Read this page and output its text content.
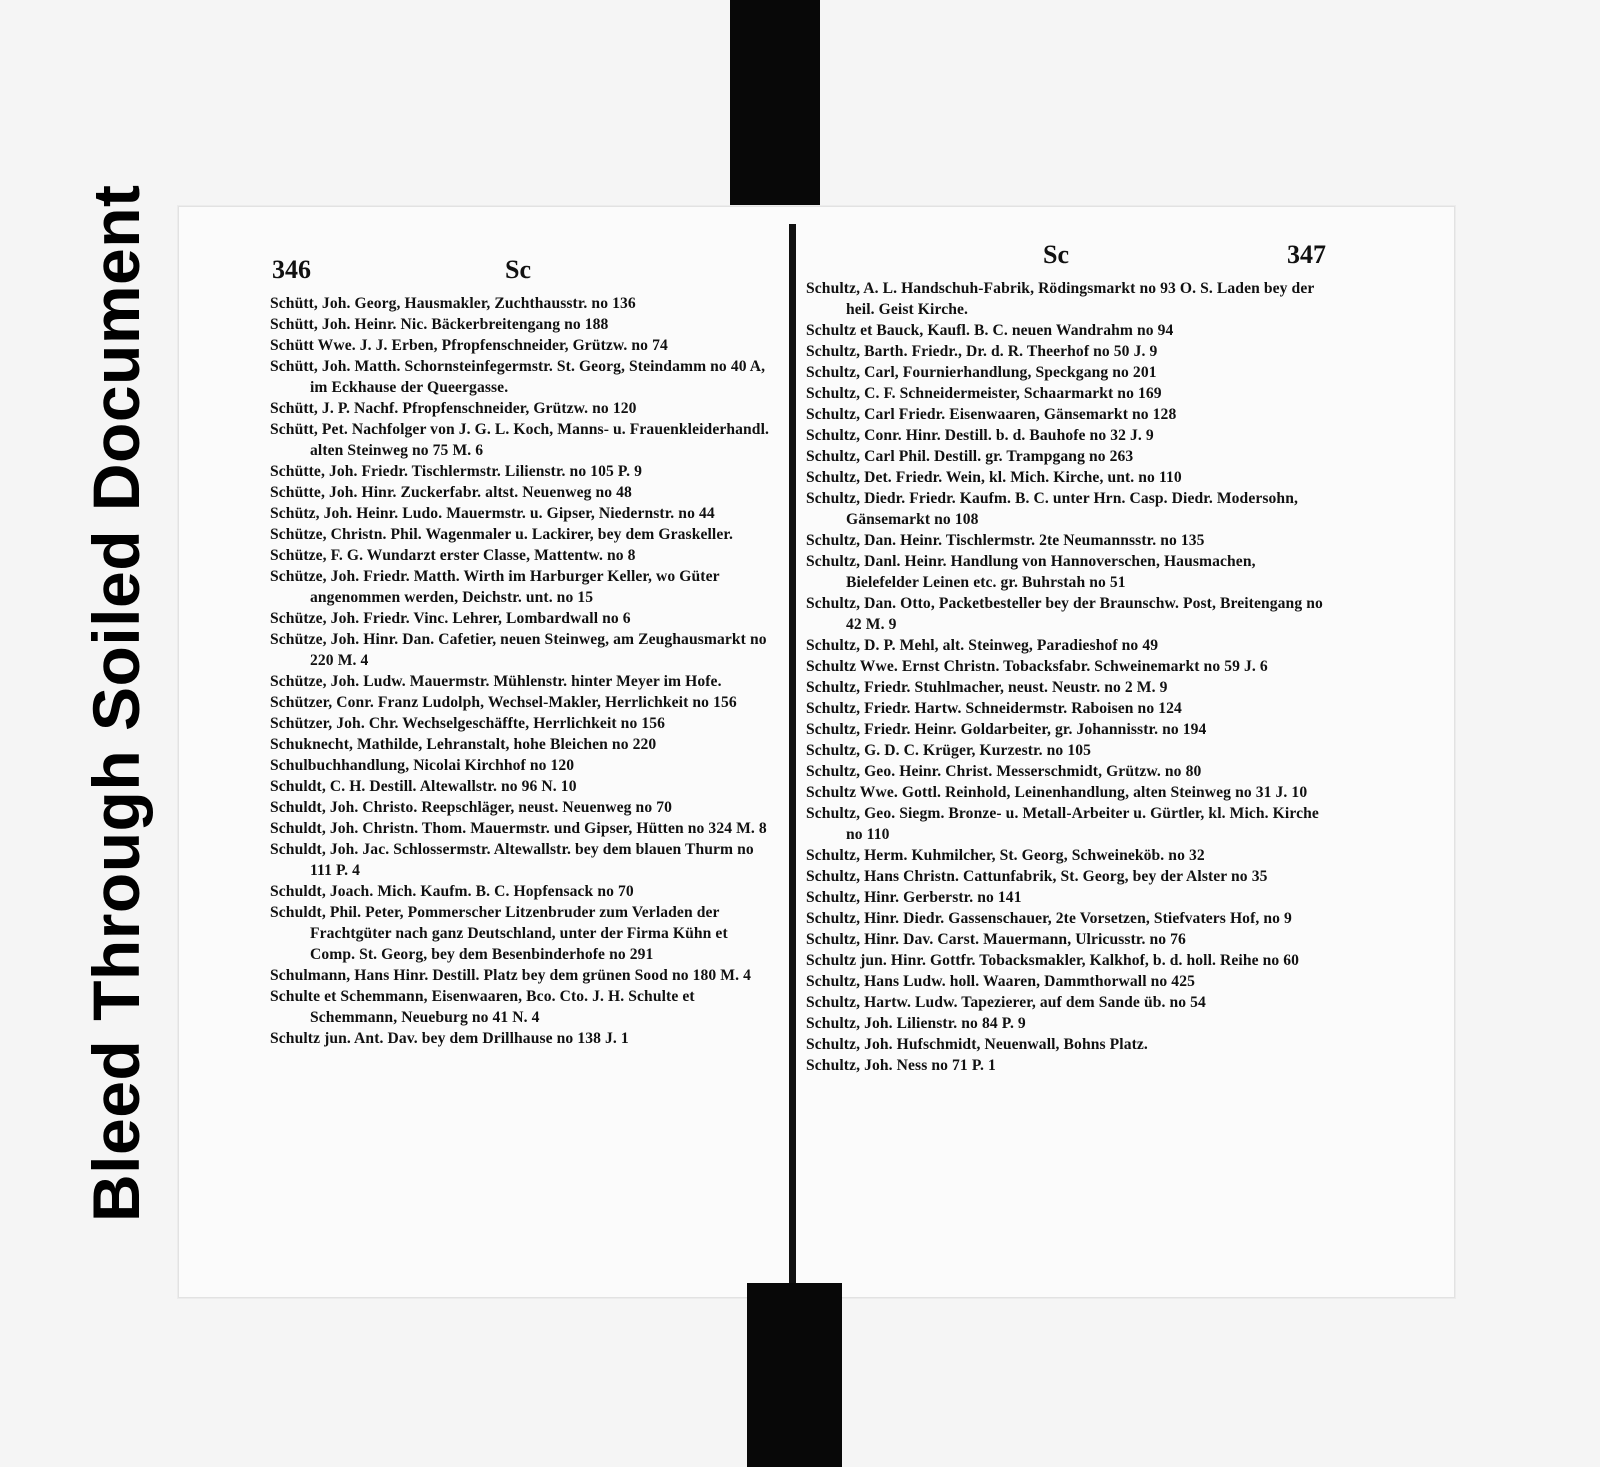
Bleed Through Soiled Document	346	Sc
Schütt, Joh. Georg, Hausmakler, Zuchthausstr. no 136
Schütt, Joh. Heinr. Nic. Bäckerbreitengang no 188
Schütt Wwe. J. J. Erben, Pfropfenschneider, Grützw. no 74
Schütt, Joh. Matth. Schornsteinfegermstr. St. Georg, Steindamm no 40 A, im Eckhause der Queergasse.
Schütt, J. P. Nachf. Pfropfenschneider, Grützw. no 120
Schütt, Pet. Nachfolger von J. G. L. Koch, Manns- u. Frauenkleiderhandl. alten Steinweg no 75 M. 6
Schütte, Joh. Friedr. Tischlermstr. Lilienstr. no 105 P. 9
Schütte, Joh. Hinr. Zuckerfabr. altst. Neuenweg no 48
Schütz, Joh. Heinr. Ludo. Mauermstr. u. Gipser, Niedernstr. no 44
Schütze, Christn. Phil. Wagenmaler u. Lackirer, bey dem Graskeller.
Schütze, F. G. Wundarzt erster Classe, Mattentw. no 8
Schütze, Joh. Friedr. Matth. Wirth im Harburger Keller, wo Güter angenommen werden, Deichstr. unt. no 15
Schütze, Joh. Friedr. Vinc. Lehrer, Lombardwall no 6
Schütze, Joh. Hinr. Dan. Cafetier, neuen Steinweg, am Zeughausmarkt no 220 M. 4
Schütze, Joh. Ludw. Mauermstr. Mühlenstr. hinter Meyer im Hofe.
Schützer, Conr. Franz Ludolph, Wechsel-Makler, Herrlichkeit no 156
Schützer, Joh. Chr. Wechselgeschäffte, Herrlichkeit no 156
Schuknecht, Mathilde, Lehranstalt, hohe Bleichen no 220
Schulbuchhandlung, Nicolai Kirchhof no 120
Schuldt, C. H. Destill. Altewallstr. no 96 N. 10
Schuldt, Joh. Christo. Reepschläger, neust. Neuenweg no 70
Schuldt, Joh. Christn. Thom. Mauermstr. und Gipser, Hütten no 324 M. 8
Schuldt, Joh. Jac. Schlossermstr. Altewallstr. bey dem blauen Thurm no 111 P. 4
Schuldt, Joach. Mich. Kaufm. B. C. Hopfensack no 70
Schuldt, Phil. Peter, Pommerscher Litzenbruder zum Verladen der Frachtgüter nach ganz Deutschland, unter der Firma Kühn et Comp. St. Georg, bey dem Besenbinderhofe no 291
Schulmann, Hans Hinr. Destill. Platz bey dem grünen Sood no 180 M. 4
Schulte et Schemmann, Eisenwaaren, Bco. Cto. J. H. Schulte et Schemmann, Neueburg no 41 N. 4
Schultz jun. Ant. Dav. bey dem Drillhause no 138 J. 1
Sc	347
Schultz, A. L. Handschuh-Fabrik, Rödingsmarkt no 93 O. S. Laden bey der heil. Geist Kirche.
Schultz et Bauck, Kaufl. B. C. neuen Wandrahm no 94
Schultz, Barth. Friedr., Dr. d. R. Theerhof no 50 J. 9
Schultz, Carl, Fournierhandlung, Speckgang no 201
Schultz, C. F. Schneidermeister, Schaarmarkt no 169
Schultz, Carl Friedr. Eisenwaaren, Gänsemarkt no 128
Schultz, Conr. Hinr. Destill. b. d. Bauhofe no 32 J. 9
Schultz, Carl Phil. Destill. gr. Trampgang no 263
Schultz, Det. Friedr. Wein, kl. Mich. Kirche, unt. no 110
Schultz, Diedr. Friedr. Kaufm. B. C. unter Hrn. Casp. Diedr. Modersohn, Gänsemarkt no 108
Schultz, Dan. Heinr. Tischlermstr. 2te Neumannsstr. no 135
Schultz, Danl. Heinr. Handlung von Hannoverschen, Hausmachen, Bielefelder Leinen etc. gr. Buhrstah no 51
Schultz, Dan. Otto, Packetbesteller bey der Braunschw. Post, Breitengang no 42 M. 9
Schultz, D. P. Mehl, alt. Steinweg, Paradieshof no 49
Schultz Wwe. Ernst Christn. Tobacksfabr. Schweinemarkt no 59 J. 6
Schultz, Friedr. Stuhlmacher, neust. Neustr. no 2 M. 9
Schultz, Friedr. Hartw. Schneidermstr. Raboisen no 124
Schultz, Friedr. Heinr. Goldarbeiter, gr. Johannisstr. no 194
Schultz, G. D. C. Krüger, Kurzestr. no 105
Schultz, Geo. Heinr. Christ. Messerschmidt, Grützw. no 80
Schultz Wwe. Gottl. Reinhold, Leinenhandlung, alten Steinweg no 31 J. 10
Schultz, Geo. Siegm. Bronze- u. Metall-Arbeiter u. Gürtler, kl. Mich. Kirche no 110
Schultz, Herm. Kuhmilcher, St. Georg, Schweineköb. no 32
Schultz, Hans Christn. Cattunfabrik, St. Georg, bey der Alster no 35
Schultz, Hinr. Gerberstr. no 141
Schultz, Hinr. Diedr. Gassenschauer, 2te Vorsetzen, Stiefvaters Hof, no 9
Schultz, Hinr. Dav. Carst. Mauermann, Ulricusstr. no 76
Schultz jun. Hinr. Gottfr. Tobacksmakler, Kalkhof, b. d. holl. Reihe no 60
Schultz, Hans Ludw. holl. Waaren, Dammthorwall no 425
Schultz, Hartw. Ludw. Tapezierer, auf dem Sande üb. no 54
Schultz, Joh. Lilienstr. no 84 P. 9
Schultz, Joh. Hufschmidt, Neuenwall, Bohns Platz.
Schultz, Joh. Ness no 71 P. 1
